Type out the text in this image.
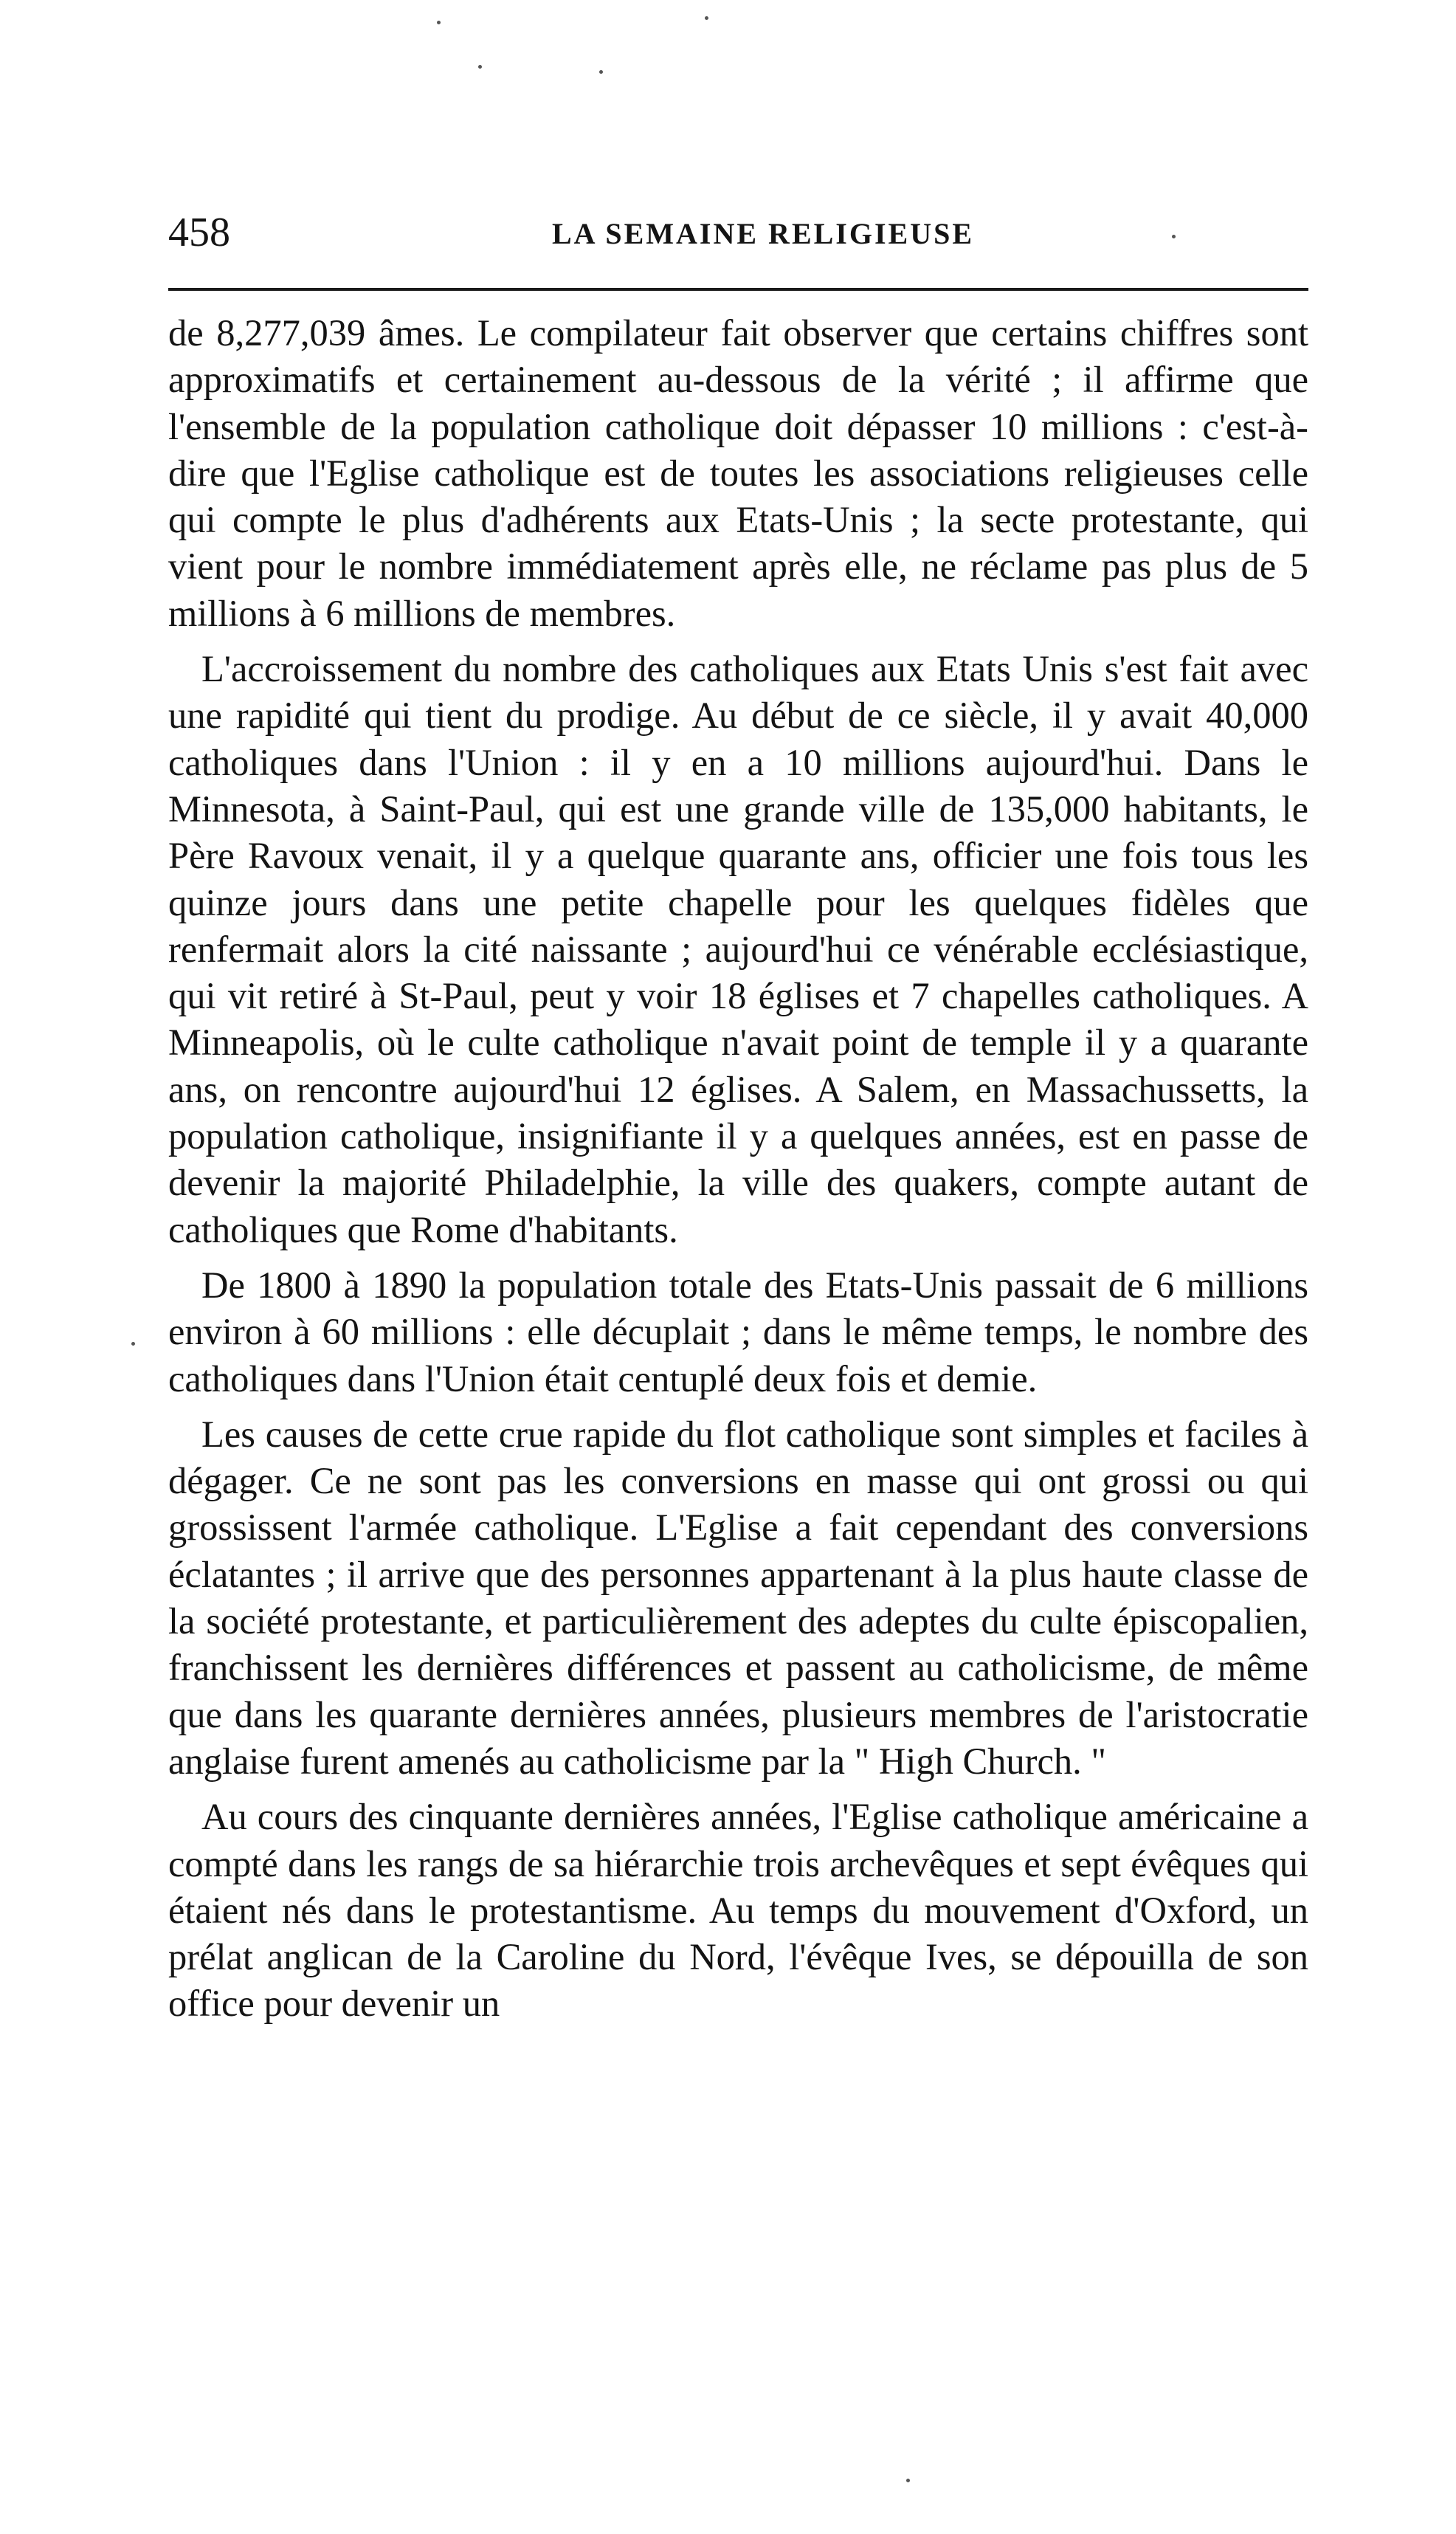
458	LA SEMAINE RELIGIEUSE

de 8,277,039 âmes. Le compilateur fait observer que certains chiffres sont approximatifs et certainement au-dessous de la vérité ; il affirme que l'ensemble de la population catholique doit dépasser 10 millions : c'est-à-dire que l'Eglise catholique est de toutes les associations religieuses celle qui compte le plus d'adhérents aux Etats-Unis ; la secte protestante, qui vient pour le nombre immédiatement après elle, ne réclame pas plus de 5 millions à 6 millions de membres.

L'accroissement du nombre des catholiques aux Etats Unis s'est fait avec une rapidité qui tient du prodige. Au début de ce siècle, il y avait 40,000 catholiques dans l'Union : il y en a 10 millions aujourd'hui. Dans le Minnesota, à Saint-Paul, qui est une grande ville de 135,000 habitants, le Père Ravoux venait, il y a quelque quarante ans, officier une fois tous les quinze jours dans une petite chapelle pour les quelques fidèles que renfermait alors la cité naissante ; aujourd'hui ce vénérable ecclésiastique, qui vit retiré à St-Paul, peut y voir 18 églises et 7 chapelles catholiques. A Minneapolis, où le culte catholique n'avait point de temple il y a quarante ans, on rencontre aujourd'hui 12 églises. A Salem, en Massachussetts, la population catholique, insignifiante il y a quelques années, est en passe de devenir la majorité Philadelphie, la ville des quakers, compte autant de catholiques que Rome d'habitants.

De 1800 à 1890 la population totale des Etats-Unis passait de 6 millions environ à 60 millions : elle décuplait ; dans le même temps, le nombre des catholiques dans l'Union était centuplé deux fois et demie.

Les causes de cette crue rapide du flot catholique sont simples et faciles à dégager. Ce ne sont pas les conversions en masse qui ont grossi ou qui grossissent l'armée catholique. L'Eglise a fait cependant des conversions éclatantes ; il arrive que des personnes appartenant à la plus haute classe de la société protestante, et particulièrement des adeptes du culte épiscopalien, franchissent les dernières différences et passent au catholicisme, de même que dans les quarante dernières années, plusieurs membres de l'aristocratie anglaise furent amenés au catholicisme par la " High Church. "

Au cours des cinquante dernières années, l'Eglise catholique américaine a compté dans les rangs de sa hiérarchie trois archevêques et sept évêques qui étaient nés dans le protestantisme. Au temps du mouvement d'Oxford, un prélat anglican de la Caroline du Nord, l'évêque Ives, se dépouilla de son office pour devenir un
